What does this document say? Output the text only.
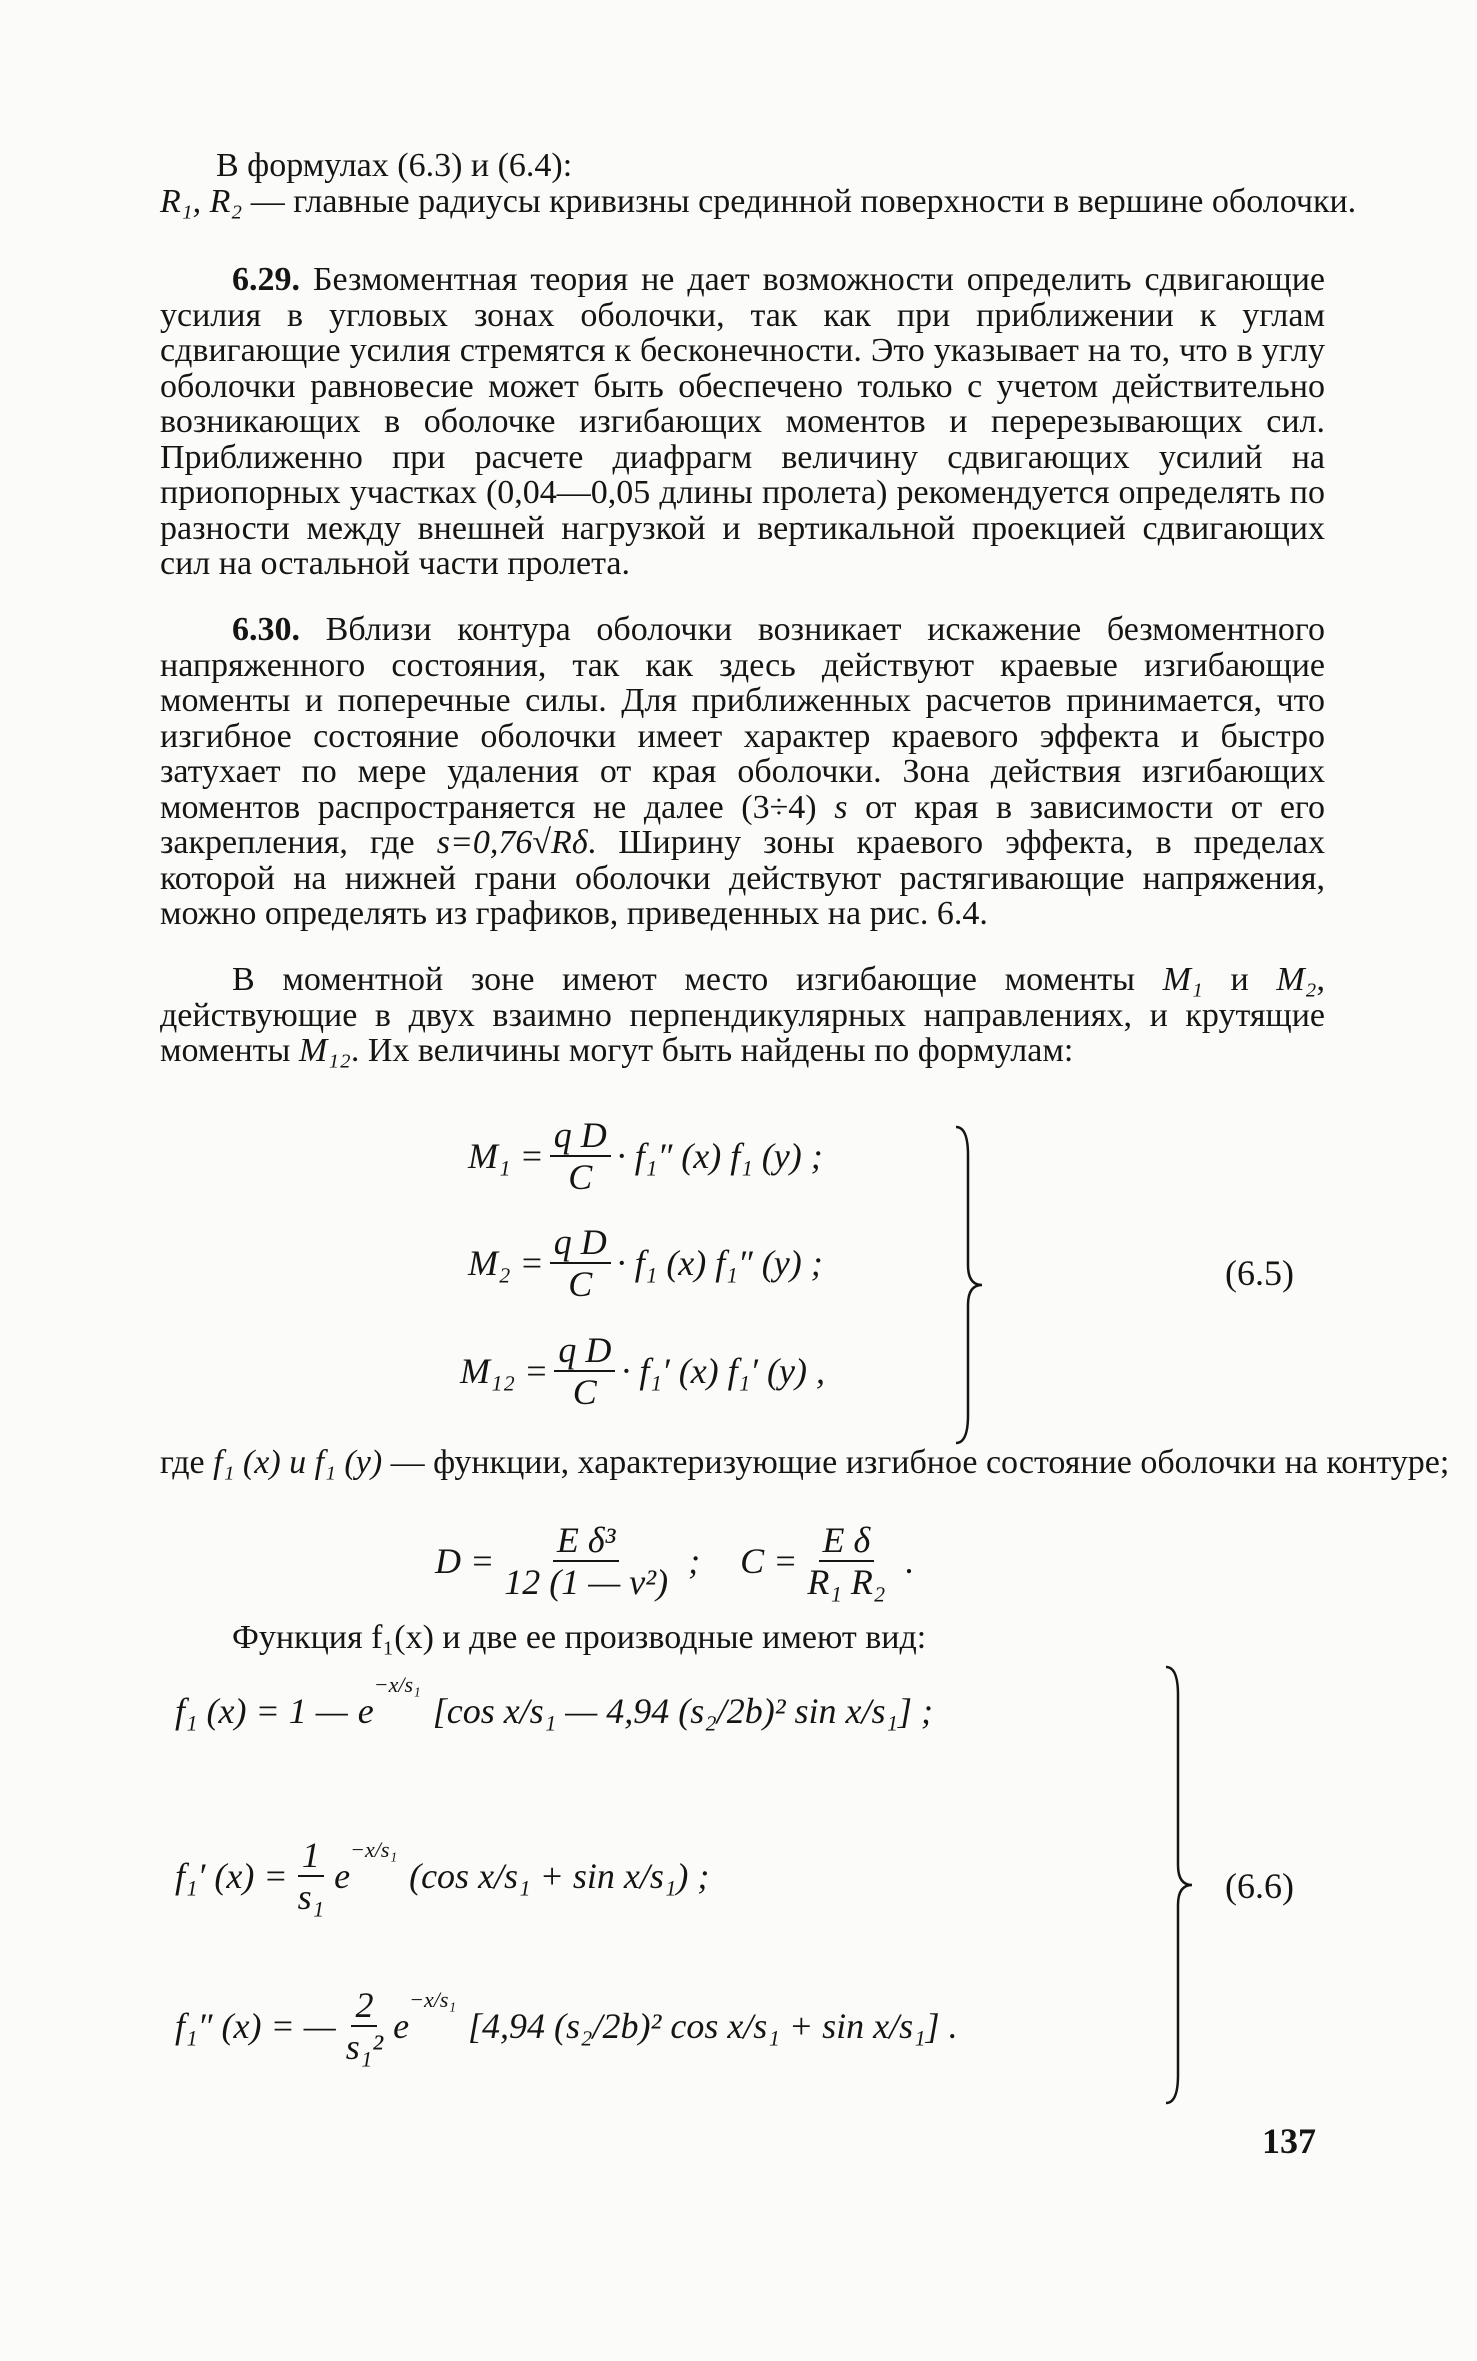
В формулах (6.3) и (6.4):

R₁, R₂ — главные радиусы кривизны срединной поверхности в вершине оболочки.

6.29. Безмоментная теория не дает возможности определить сдвигающие усилия в угловых зонах оболочки, так как при приближении к углам сдвигающие усилия стремятся к бесконечности. Это указывает на то, что в углу оболочки равновесие может быть обеспечено только с учетом действительно возникающих в оболочке изгибающих моментов и перерезывающих сил. Приближенно при расчете диафрагм величину сдвигающих усилий на приопорных участках (0,04—0,05 длины пролета) рекомендуется определять по разности между внешней нагрузкой и вертикальной проекцией сдвигающих сил на остальной части пролета.

6.30. Вблизи контура оболочки возникает искажение безмоментного напряженного состояния, так как здесь действуют краевые изгибающие моменты и поперечные силы. Для приближенных расчетов принимается, что изгибное состояние оболочки имеет характер краевого эффекта и быстро затухает по мере удаления от края оболочки. Зона действия изгибающих моментов распространяется не далее (3÷4) s от края в зависимости от его закрепления, где s=0,76√Rδ. Ширину зоны краевого эффекта, в пределах которой на нижней грани оболочки действуют растягивающие напряжения, можно определять из графиков, приведенных на рис. 6.4.

В моментной зоне имеют место изгибающие моменты M₁ и M₂, действующие в двух взаимно перпендикулярных направлениях, и крутящие моменты M₁₂. Их величины могут быть найдены по формулам:

$M_1 = \frac{\text{q D}}{C} \cdot f_1''$ (x) f₁ (y) ;
$M_2 = \frac{\text{q D}}{C} \cdot f_1$ (x) f₁″ (y) ;
$M_{12} = \frac{\text{q D}}{C} \cdot f_1'$ (x) f₁′ (y) ,
(6.5)

где f₁ (x) и f₁ (y) — функции, характеризующие изгибное состояние оболочки на контуре;

$D = \frac{\text{E δ³}}{\text{12 (1 — ν²)}}$ ; $C = \frac{\text{E δ}}{\text{R₁ R₂}}$ .

Функция f₁(x) и две ее производные имеют вид:

f₁ (x) = 1 — e
$^{-x/s_1}$
[cos x/s₁ — 4,94 (s₂/2b)² sin x/s₁] ;
f₁′ $(x) = \frac{1}{\text{s₁}}$ e
$^{-x/s_1}$
(cos x/s₁ + sin x/s₁) ;
f₁″ (x) = — $\frac{2}{\text{s₁²}}$ e
$^{-x/s_1}$
[4,94 (s₂/2b)² cos x/s₁ + sin x/s₁] .
(6.6)
137
